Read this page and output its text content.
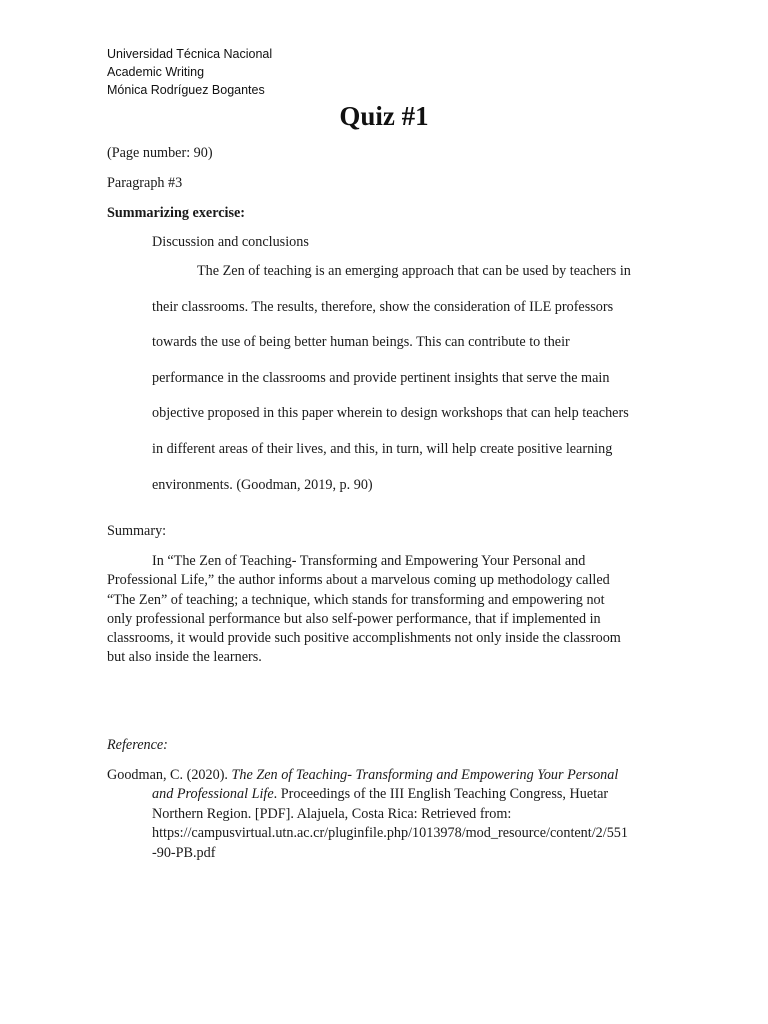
Universidad Técnica Nacional
Academic Writing
Mónica Rodríguez Bogantes
Quiz #1
(Page number: 90)
Paragraph #3
Summarizing exercise:
Discussion and conclusions
The Zen of teaching is an emerging approach that can be used by teachers in
their classrooms. The results, therefore, show the consideration of ILE professors
towards the use of being better human beings. This can contribute to their
performance in the classrooms and provide pertinent insights that serve the main
objective proposed in this paper wherein to design workshops that can help teachers
in different areas of their lives, and this, in turn, will help create positive learning
environments. (Goodman, 2019, p. 90)
Summary:
In “The Zen of Teaching- Transforming and Empowering Your Personal and
Professional Life,” the author informs about a marvelous coming up methodology called
“The Zen” of teaching; a technique, which stands for transforming and empowering not
only professional performance but also self-power performance, that if implemented in
classrooms, it would provide such positive accomplishments not only inside the classroom
but also inside the learners.
Reference:
Goodman, C. (2020). The Zen of Teaching- Transforming and Empowering Your Personal
and Professional Life. Proceedings of the III English Teaching Congress, Huetar
Northern Region. [PDF]. Alajuela, Costa Rica: Retrieved from:
https://campusvirtual.utn.ac.cr/pluginfile.php/1013978/mod_resource/content/2/551
-90-PB.pdf
